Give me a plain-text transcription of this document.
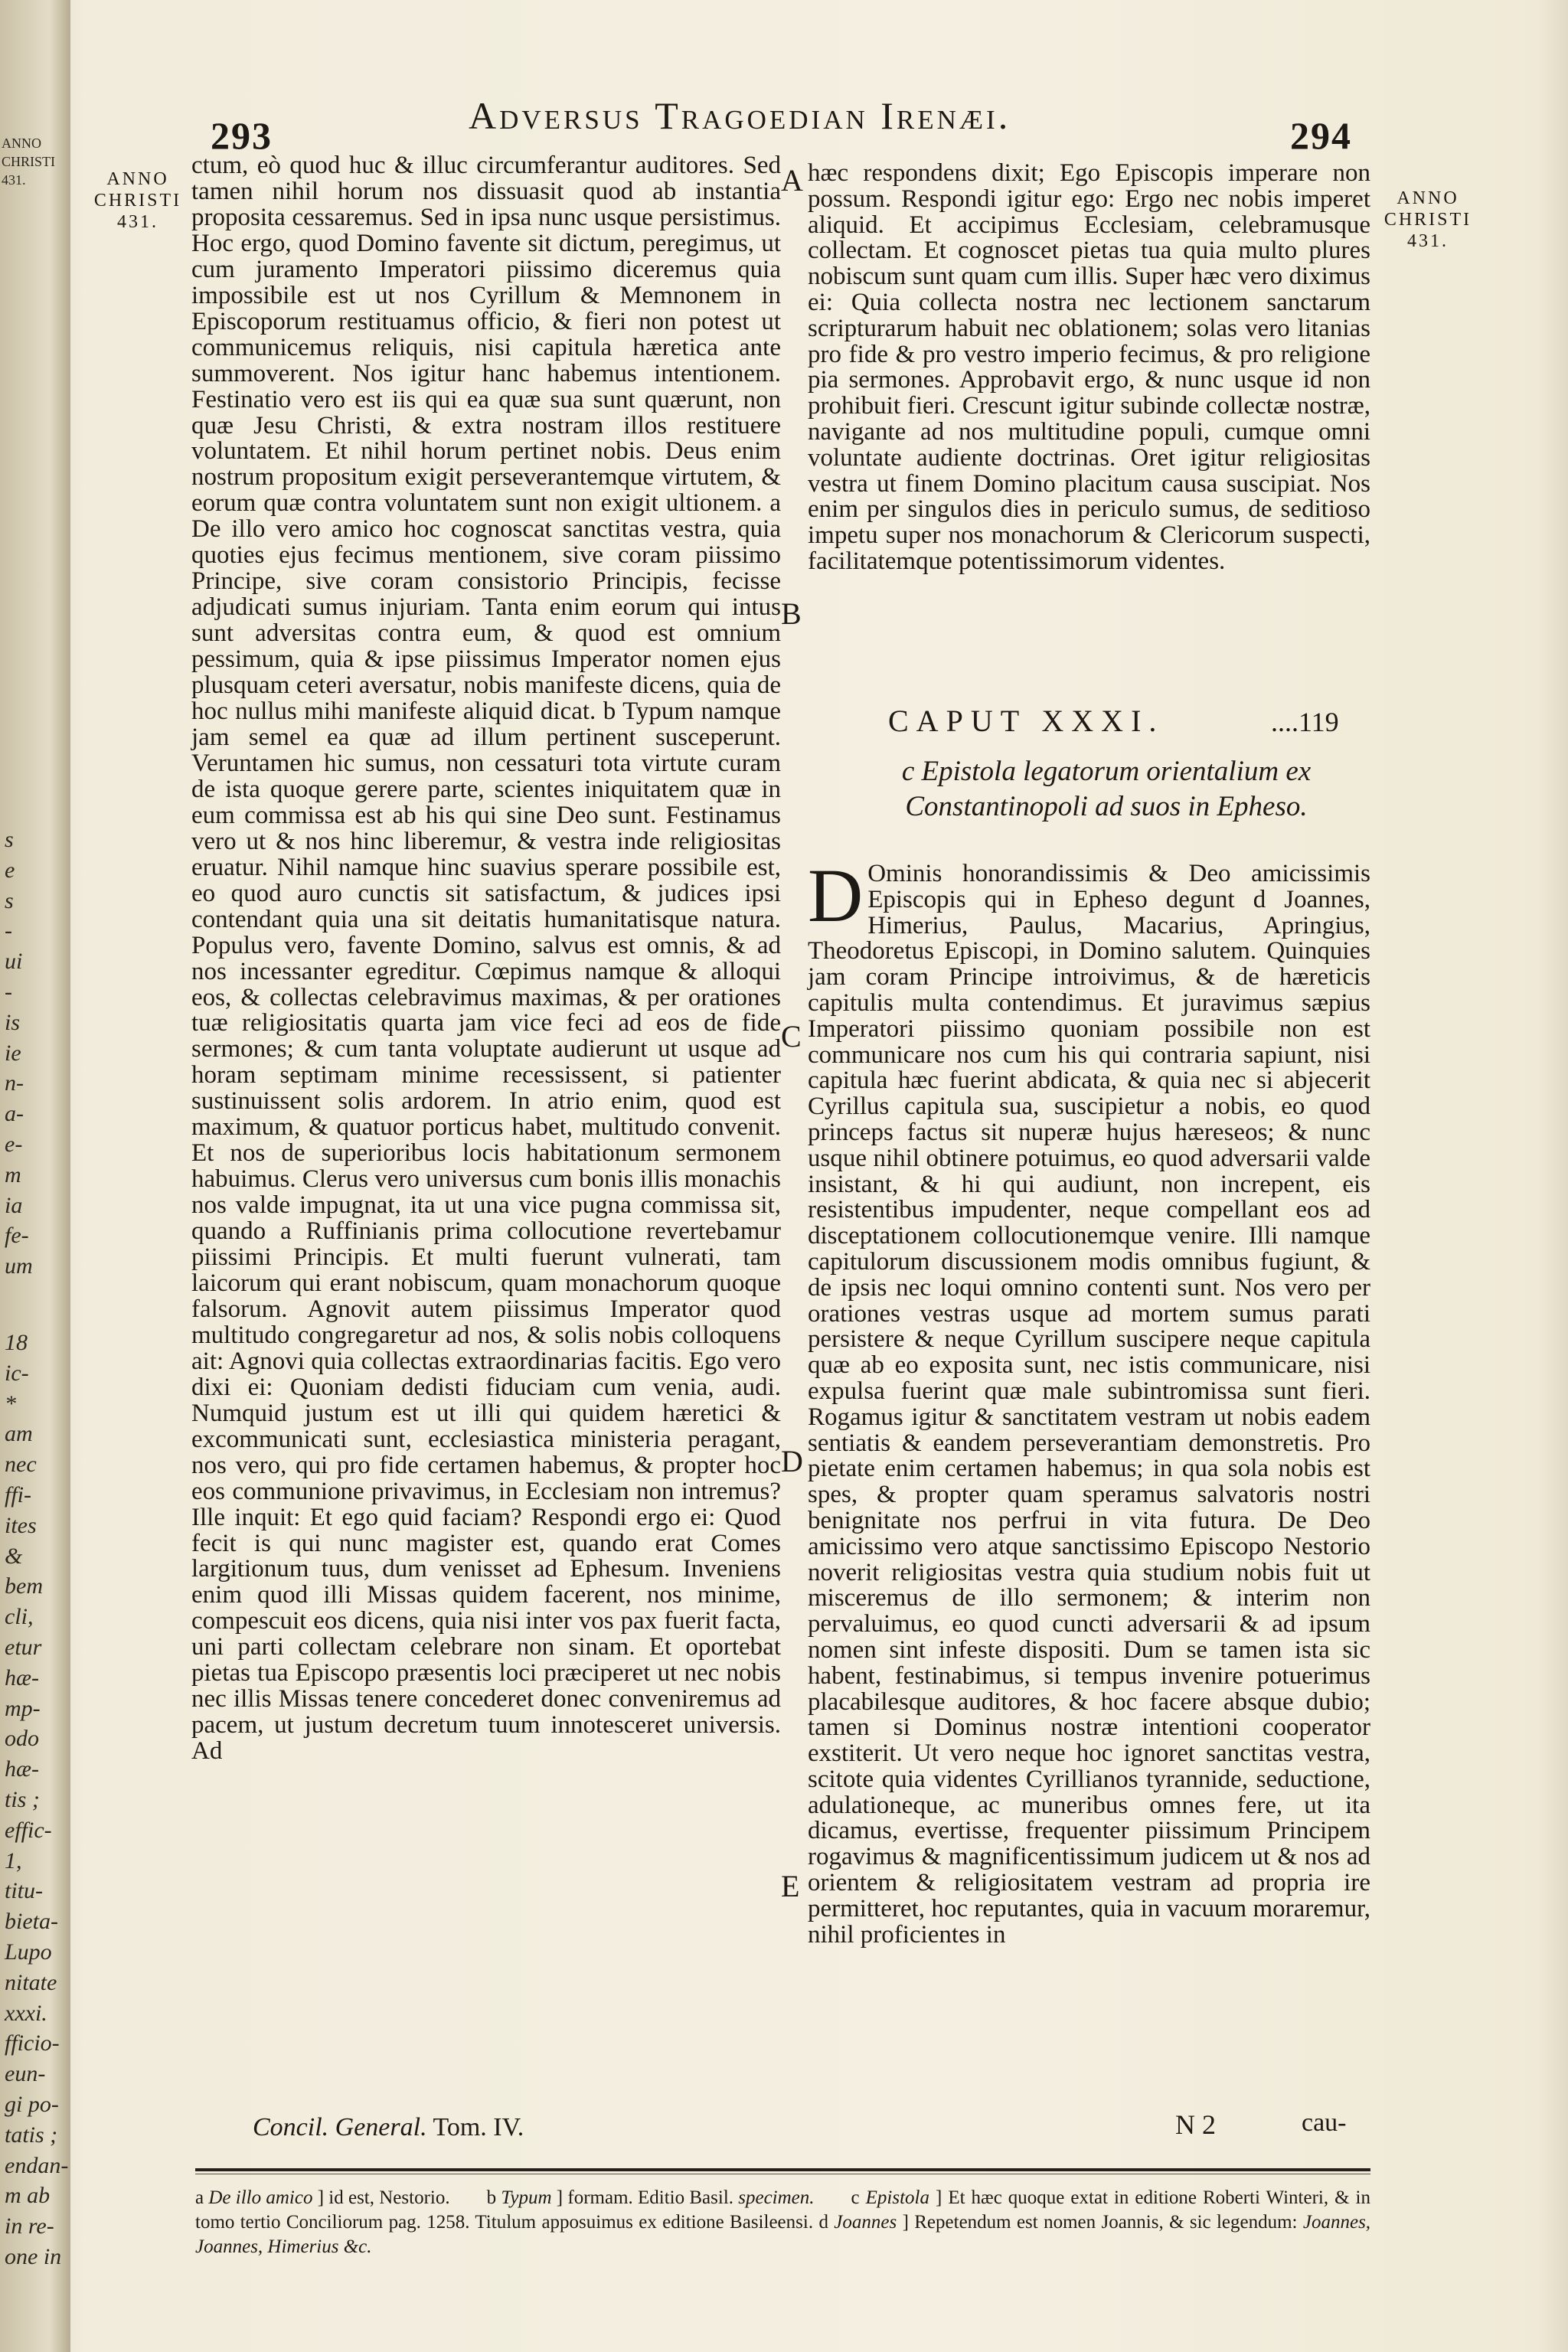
ANNO
CHRISTI
431.
s
e
s
-
ui
-
is
ie
n-
a-
e-
m
ia
fe-
um
18
ic-
*
am
nec
ffi-
ites
&
bem
cli,
etur
hæ-
mp-
odo
hæ-
tis ;
effic-
1,
titu-
bieta-
Lupo
nitate
xxxi.
fficio-
eun-
gi po-
tatis ;
endan-
m ab
in re-
one in
293	Adversus Tragoedian Irenæi.	294
ANNO
CHRISTI
431.
ANNO
CHRISTI
431.
A
B
C
D
E

ctum, eò quod huc & illuc circumferantur auditores. Sed tamen nihil horum nos dissuasit quod ab instantia proposita cessaremus. Sed in ipsa nunc usque persistimus. Hoc ergo, quod Domino favente sit dictum, peregimus, ut cum juramento Imperatori piissimo diceremus quia impossibile est ut nos Cyrillum & Memnonem in Episcoporum restituamus officio, & fieri non potest ut communicemus reliquis, nisi capitula hæretica ante summoverent. Nos igitur hanc habemus intentionem. Festinatio vero est iis qui ea quæ sua sunt quærunt, non quæ Jesu Christi, & extra nostram illos restituere voluntatem. Et nihil horum pertinet nobis. Deus enim nostrum propositum exigit perseverantemque virtutem, & eorum quæ contra voluntatem sunt non exigit ultionem. a De illo vero amico hoc cognoscat sanctitas vestra, quia quoties ejus fecimus mentionem, sive coram piissimo Principe, sive coram consistorio Principis, fecisse adjudicati sumus injuriam. Tanta enim eorum qui intus sunt adversitas contra eum, & quod est omnium pessimum, quia & ipse piissimus Imperator nomen ejus plusquam ceteri aversatur, nobis manifeste dicens, quia de hoc nullus mihi manifeste aliquid dicat. b Typum namque jam semel ea quæ ad illum pertinent susceperunt. Veruntamen hic sumus, non cessaturi tota virtute curam de ista quoque gerere parte, scientes iniquitatem quæ in eum commissa est ab his qui sine Deo sunt. Festinamus vero ut & nos hinc liberemur, & vestra inde religiositas eruatur. Nihil namque hinc suavius sperare possibile est, eo quod auro cunctis sit satisfactum, & judices ipsi contendant quia una sit deitatis humanitatisque natura. Populus vero, favente Domino, salvus est omnis, & ad nos incessanter egreditur. Cœpimus namque & alloqui eos, & collectas celebravimus maximas, & per orationes tuæ religiositatis quarta jam vice feci ad eos de fide sermones; & cum tanta voluptate audierunt ut usque ad horam septimam minime recessissent, si patienter sustinuissent solis ardorem. In atrio enim, quod est maximum, & quatuor porticus habet, multitudo convenit. Et nos de superioribus locis habitationum sermonem habuimus. Clerus vero universus cum bonis illis monachis nos valde impugnat, ita ut una vice pugna commissa sit, quando a Ruffinianis prima collocutione revertebamur piissimi Principis. Et multi fuerunt vulnerati, tam laicorum qui erant nobiscum, quam monachorum quoque falsorum. Agnovit autem piissimus Imperator quod multitudo congregaretur ad nos, & solis nobis colloquens ait: Agnovi quia collectas extraordinarias facitis. Ego vero dixi ei: Quoniam dedisti fiduciam cum venia, audi. Numquid justum est ut illi qui quidem hæretici & excommunicati sunt, ecclesiastica ministeria peragant, nos vero, qui pro fide certamen habemus, & propter hoc eos communione privavimus, in Ecclesiam non intremus? Ille inquit: Et ego quid faciam? Respondi ergo ei: Quod fecit is qui nunc magister est, quando erat Comes largitionum tuus, dum venisset ad Ephesum. Inveniens enim quod illi Missas quidem facerent, nos minime, compescuit eos dicens, quia nisi inter vos pax fuerit facta, uni parti collectam celebrare non sinam. Et oportebat pietas tua Episcopo præsentis loci præciperet ut nec nobis nec illis Missas tenere concederet donec conveniremus ad pacem, ut justum decretum tuum innotesceret universis. Ad

Concil. General. Tom. IV.

hæc respondens dixit; Ego Episcopis imperare non possum. Respondi igitur ego: Ergo nec nobis imperet aliquid. Et accipimus Ecclesiam, celebramusque collectam. Et cognoscet pietas tua quia multo plures nobiscum sunt quam cum illis. Super hæc vero diximus ei: Quia collecta nostra nec lectionem sanctarum scripturarum habuit nec oblationem; solas vero litanias pro fide & pro vestro imperio fecimus, & pro religione pia sermones. Approbavit ergo, & nunc usque id non prohibuit fieri. Crescunt igitur subinde collectæ nostræ, navigante ad nos multitudine populi, cumque omni voluntate audiente doctrinas. Oret igitur religiositas vestra ut finem Domino placitum causa suscipiat. Nos enim per singulos dies in periculo sumus, de seditioso impetu super nos monachorum & Clericorum suspecti, facilitatemque potentissimorum videntes.

CAPUT XXXI.	....119
c Epistola legatorum orientalium ex Constantinopoli ad suos in Epheso.

D Ominis honorandissimis & Deo amicissimis Episcopis qui in Epheso degunt d Joannes, Himerius, Paulus, Macarius, Apringius, Theodoretus Episcopi, in Domino salutem. Quinquies jam coram Principe introivimus, & de hæreticis capitulis multa contendimus. Et juravimus sæpius Imperatori piissimo quoniam possibile non est communicare nos cum his qui contraria sapiunt, nisi capitula hæc fuerint abdicata, & quia nec si abjecerit Cyrillus capitula sua, suscipietur a nobis, eo quod princeps factus sit nuperæ hujus hæreseos; & nunc usque nihil obtinere potuimus, eo quod adversarii valde insistant, & hi qui audiunt, non increpent, eis resistentibus impudenter, neque compellant eos ad disceptationem collocutionemque venire. Illi namque capitulorum discussionem modis omnibus fugiunt, & de ipsis nec loqui omnino contenti sunt. Nos vero per orationes vestras usque ad mortem sumus parati persistere & neque Cyrillum suscipere neque capitula quæ ab eo exposita sunt, nec istis communicare, nisi expulsa fuerint quæ male subintromissa sunt fieri. Rogamus igitur & sanctitatem vestram ut nobis eadem sentiatis & eandem perseverantiam demonstretis. Pro pietate enim certamen habemus; in qua sola nobis est spes, & propter quam speramus salvatoris nostri benignitate nos perfrui in vita futura. De Deo amicissimo vero atque sanctissimo Episcopo Nestorio noverit religiositas vestra quia studium nobis fuit ut misceremus de illo sermonem; & interim non pervaluimus, eo quod cuncti adversarii & ad ipsum nomen sint infeste dispositi. Dum se tamen ista sic habent, festinabimus, si tempus invenire potuerimus placabilesque auditores, & hoc facere absque dubio; tamen si Dominus nostræ intentioni cooperator exstiterit. Ut vero neque hoc ignoret sanctitas vestra, scitote quia videntes Cyrillianos tyrannide, seductione, adulationeque, ac muneribus omnes fere, ut ita dicamus, evertisse, frequenter piissimum Principem rogavimus & magnificentissimum judicem ut & nos ad orientem & religiositatem vestram ad propria ire permitteret, hoc reputantes, quia in vacuum moraremur, nihil proficientes in

N 2	cau-

a De illo amico ] id est, Nestorio. b Typum ] formam. Editio Basil. specimen. c Epistola ] Et hæc quoque extat in editione Roberti Winteri, & in tomo tertio Conciliorum pag. 1258. Titulum apposuimus ex editione Basileensi. d Joannes ] Repetendum est nomen Joannis, & sic legendum: Joannes, Joannes, Himerius &c.
